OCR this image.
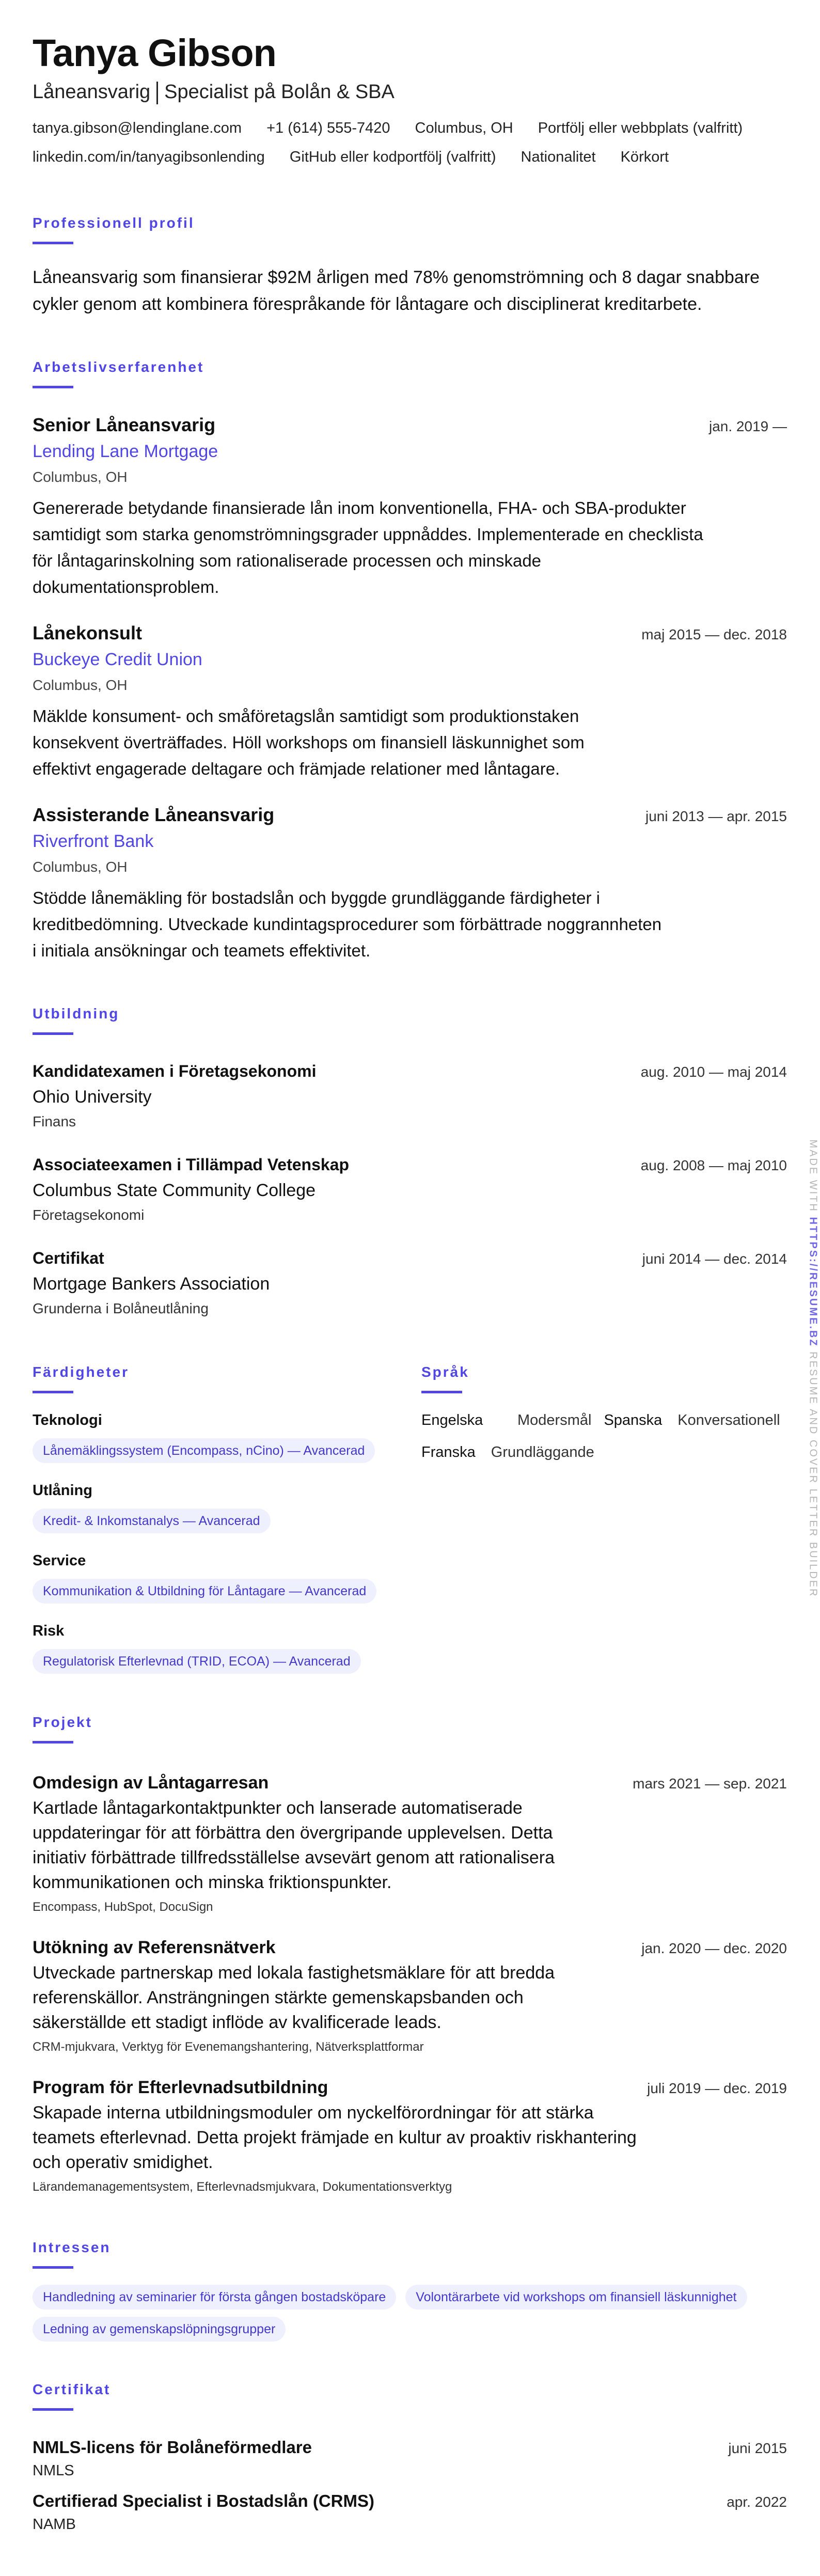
Tanya Gibson
Låneansvarig Specialist på Bolån & SBA
tanya.gibson@lendinglane.com +1 (614) 555-7420 Columbus, OH Portfölj eller webbplats (valfritt)
linkedin.com/in/tanyagibsonlending GitHub eller kodportfölj (valfritt) Nationalitet Körkort
Professionell profil

Låneansvarig som finansierar $92M årligen med 78% genomströmning och 8 dagar snabbare cykler genom att kombinera förespråkande för låntagare och disciplinerat kreditarbete.

Arbetslivserfarenhet
Senior Låneansvarig	jan. 2019 —
Lending Lane Mortgage
Columbus, OH
Genererade betydande finansierade lån inom konventionella, FHA- och SBA-produkter samtidigt som starka genomströmningsgrader uppnåddes. Implementerade en checklista för låntagarinskolning som rationaliserade processen och minskade dokumentationsproblem.
Lånekonsult	maj 2015 — dec. 2018
Buckeye Credit Union
Columbus, OH
Mäklde konsument- och småföretagslån samtidigt som produktionstaken konsekvent överträffades. Höll workshops om finansiell läskunnighet som effektivt engagerade deltagare och främjade relationer med låntagare.
Assisterande Låneansvarig	juni 2013 — apr. 2015
Riverfront Bank
Columbus, OH
Stödde lånemäkling för bostadslån och byggde grundläggande färdigheter i kreditbedömning. Utveckade kundintagsprocedurer som förbättrade noggrannheten i initiala ansökningar och teamets effektivitet.
Utbildning
Kandidatexamen i Företagsekonomi	aug. 2010 — maj 2014
Ohio University
Finans
Associateexamen i Tillämpad Vetenskap	aug. 2008 — maj 2010
Columbus State Community College
Företagsekonomi
Certifikat	juni 2014 — dec. 2014
Mortgage Bankers Association
Grunderna i Bolåneutlåning
Färdigheter
Teknologi
Lånemäklingssystem (Encompass, nCino) — Avancerad
Utlåning
Kredit- & Inkomstanalys — Avancerad
Service
Kommunikation & Utbildning för Låntagare — Avancerad
Risk
Regulatorisk Efterlevnad (TRID, ECOA) — Avancerad
Språk
Engelska	Modersmål Spanska Konversationell
Franska Grundläggande
Projekt
Omdesign av Låntagarresan	mars 2021 — sep. 2021
Kartlade låntagarkontaktpunkter och lanserade automatiserade uppdateringar för att förbättra den övergripande upplevelsen. Detta initiativ förbättrade tillfredsställelse avsevärt genom att rationalisera kommunikationen och minska friktionspunkter.
Encompass, HubSpot, DocuSign
Utökning av Referensnätverk	jan. 2020 — dec. 2020
Utveckade partnerskap med lokala fastighetsmäklare för att bredda referenskällor. Ansträngningen stärkte gemenskapsbanden och säkerställde ett stadigt inflöde av kvalificerade leads.
CRM-mjukvara, Verktyg för Evenemangshantering, Nätverksplattformar
Program för Efterlevnadsutbildning	juli 2019 — dec. 2019
Skapade interna utbildningsmoduler om nyckelförordningar för att stärka teamets efterlevnad. Detta projekt främjade en kultur av proaktiv riskhantering och operativ smidighet.
Lärandemanagementsystem, Efterlevnadsmjukvara, Dokumentationsverktyg
Intressen
Handledning av seminarier för första gången bostadsköpare	Volontärarbete vid workshops om finansiell läskunnighet
Ledning av gemenskapslöpningsgrupper
Certifikat
NMLS-licens för Bolåneförmedlare	juni 2015
NMLS
Certifierad Specialist i Bostadslån (CRMS)	apr. 2022
NAMB
MADE WITH HTTPS://RESUME.BZ RESUME AND COVER LETTER BUILDER
